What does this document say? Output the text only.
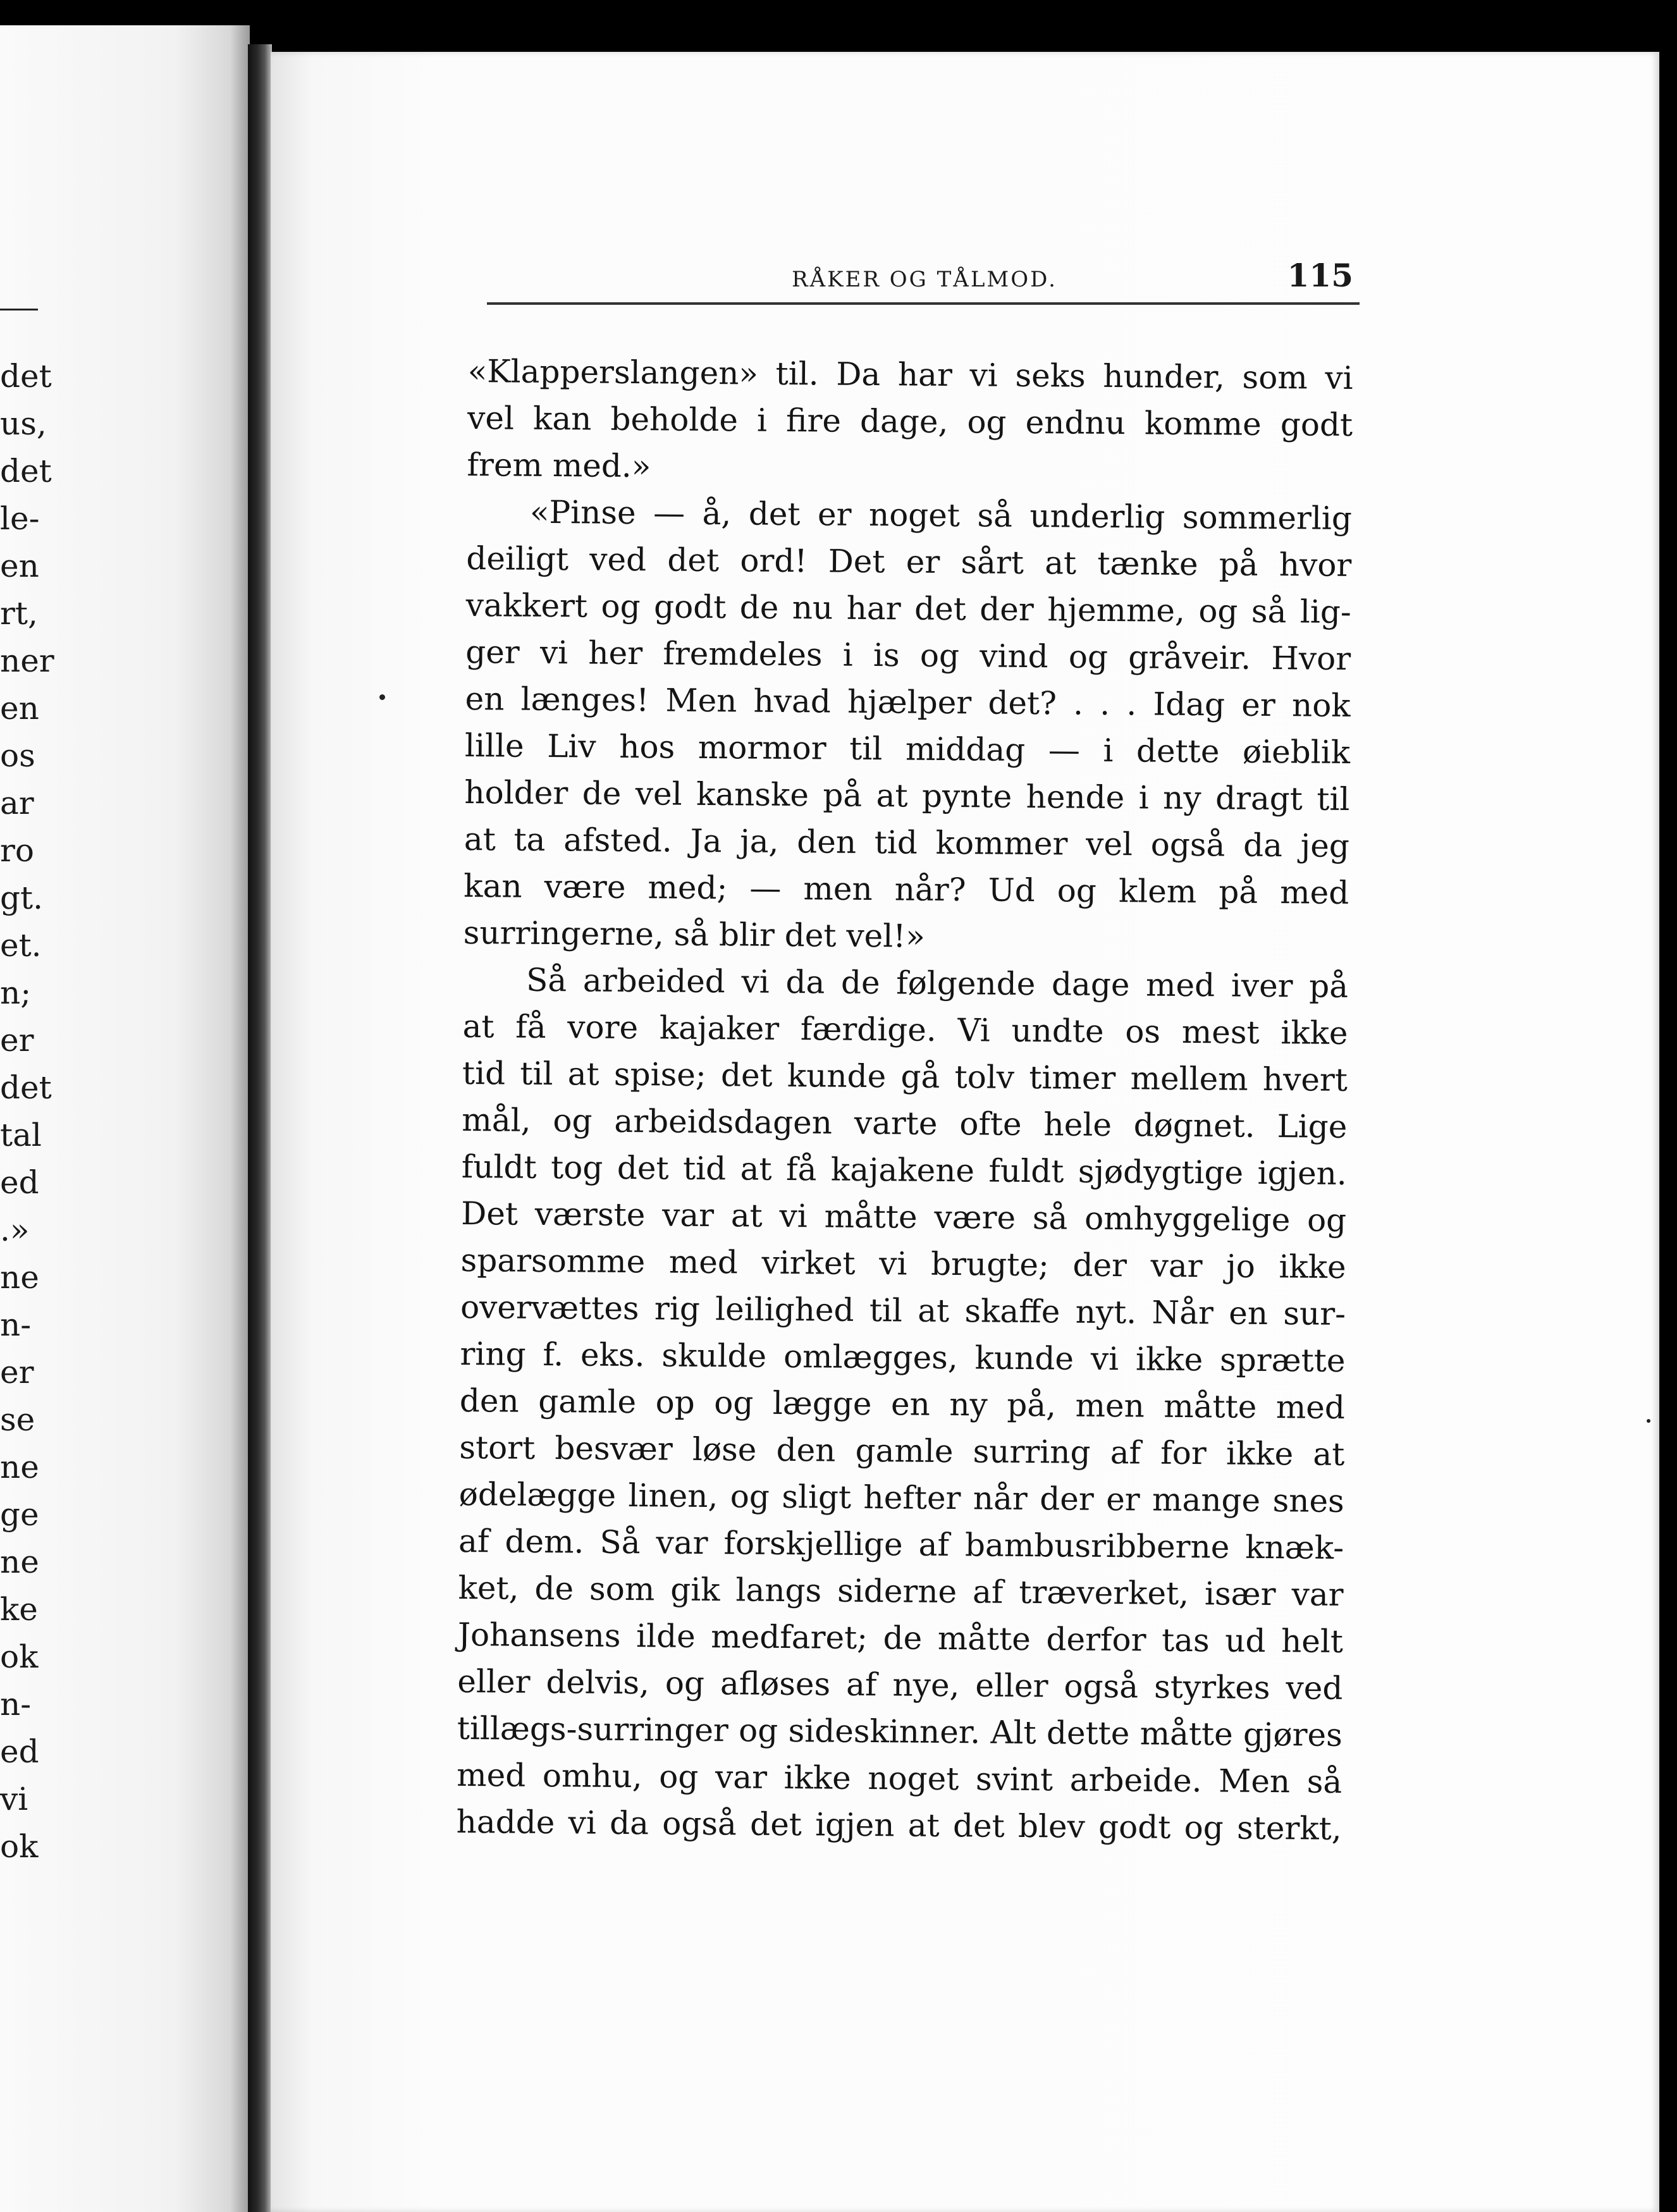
det
us,
det
le-
en
rt,
ner
en
os
ar
ro
gt.
et.
n;
er
det
tal
ed
.»
ne
n-
er
se
ne
ge
ne
ke
ok
n-
ed
vi
ok
RÅKER OG TÅLMOD.	115
«Klapperslangen» til. Da har vi seks hunder, som vi
vel kan beholde i fire dage, og endnu komme godt
frem med.»
«Pinse — å, det er noget så underlig sommerlig
deiligt ved det ord! Det er sårt at tænke på hvor
vakkert og godt de nu har det der hjemme, og så lig-
ger vi her fremdeles i is og vind og gråveir. Hvor
en længes! Men hvad hjælper det? . . . Idag er nok
lille Liv hos mormor til middag — i dette øieblik
holder de vel kanske på at pynte hende i ny dragt til
at ta afsted. Ja ja, den tid kommer vel også da jeg
kan være med; — men når? Ud og klem på med
surringerne, så blir det vel!»
Så arbeided vi da de følgende dage med iver på
at få vore kajaker færdige. Vi undte os mest ikke
tid til at spise; det kunde gå tolv timer mellem hvert
mål, og arbeidsdagen varte ofte hele døgnet. Lige
fuldt tog det tid at få kajakene fuldt sjødygtige igjen.
Det værste var at vi måtte være så omhyggelige og
sparsomme med virket vi brugte; der var jo ikke
overvættes rig leilighed til at skaffe nyt. Når en sur-
ring f. eks. skulde omlægges, kunde vi ikke sprætte
den gamle op og lægge en ny på, men måtte med
stort besvær løse den gamle surring af for ikke at
ødelægge linen, og sligt hefter når der er mange snes
af dem. Så var forskjellige af bambusribberne knæk-
ket, de som gik langs siderne af træverket, især var
Johansens ilde medfaret; de måtte derfor tas ud helt
eller delvis, og afløses af nye, eller også styrkes ved
tillægs-surringer og sideskinner. Alt dette måtte gjøres
med omhu, og var ikke noget svint arbeide. Men så
hadde vi da også det igjen at det blev godt og sterkt,
